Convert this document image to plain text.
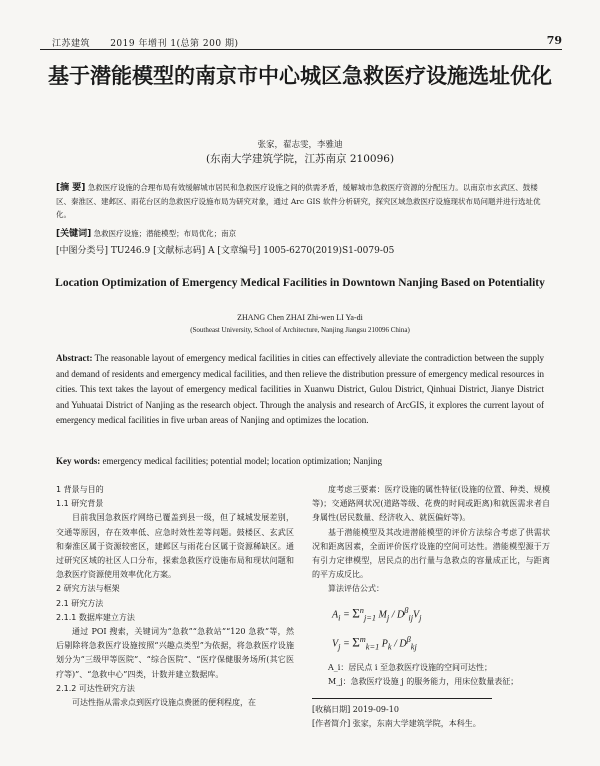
江苏建筑 2019 年增刊 1(总第 200 期)	79
基于潜能模型的南京市中心城区急救医疗设施选址优化
张家，翟志雯，李雅迪
(东南大学建筑学院，江苏南京 210096)
[摘 要] 急救医疗设施的合理布局有效缓解城市居民和急救医疗设施之间的供需矛盾，缓解城市急救医疗资源的分配压力。以南京市玄武区、鼓楼区、秦淮区、建邺区、雨花台区的急救医疗设施布局为研究对象，通过 Arc GIS 软件分析研究，探究区域急救医疗设施现状布局问题并进行选址优化。
[关键词] 急救医疗设施；潜能模型；布局优化；南京
[中图分类号] TU246.9 [文献标志码] A [文章编号] 1005-6270(2019)S1-0079-05
Location Optimization of Emergency Medical Facilities in Downtown Nanjing Based on Potentiality
ZHANG Chen ZHAI Zhi-wen LI Ya-di
(Southeast University, School of Architecture, Nanjing Jiangsu 210096 China)
Abstract: The reasonable layout of emergency medical facilities in cities can effectively alleviate the contradiction between the supply and demand of residents and emergency medical facilities, and then relieve the distribution pressure of emergency medical resources in cities. This text takes the layout of emergency medical facilities in Xuanwu District, Gulou District, Qinhuai District, Jianye District and Yuhuatai District of Nanjing as the research object. Through the analysis and research of ArcGIS, it explores the current layout of emergency medical facilities in five urban areas of Nanjing and optimizes the location.
Key words: emergency medical facilities; potential model; location optimization; Nanjing
1 背景与目的
1.1 研究背景
目前我国急救医疗网络已覆盖到县一级，但了城城发展差别，交通等原因，存在效率低、应急时效性差等问题。鼓楼区、玄武区和秦淮区属于资源较密区，建邺区与雨花台区属于资源稀缺区。通过研究区域的社区人口分布，探索急救医疗设施布局和现状问题和急救医疗资源使用效率优化方案。
2 研究方法与框架
2.1 研究方法
2.1.1 数据库建立方法
通过 POI 搜索，关键词为“急救”“急救站”“120 急救”等，然后剔除将急救医疗设施按照“兴趣点类型”为依据，将急救医疗设施划分为“三级甲等医院”、“综合医院”、“医疗保健服务场所(其它医疗等)”、“急救中心”四类，计数并建立数据库。
2.1.2 可达性研究方法
可达性指从需求点到医疗设施点费匿的便利程度，在
度考虑三要素：医疗设施的属性特征(设施的位置、种类、规模等)；交通路网状况(道路等级、花费的时间或距离)和就医需求者自身属性(居民数量、经济收入、就医偏好等)。
基于潜能模型及其改进潜能模型的评价方法综合考虑了供需状况和距离因素，全面评价医疗设施的空间可达性。潜能模型源于万有引力定律模型，居民点的出行量与急救点的容量成正比，与距离的平方成反比。
算法评估公式：
$A_i = \Sigma^n_{j=1}$ $M_j / D^\beta_{ij}V_j$
$V_j = \Sigma^m_{k=1}$ $P_k / D^\beta_{kj}$
A_i：居民点 i 至急救医疗设施的空间可达性；
M_j：急救医疗设施 j 的服务能力，用床位数量表征；
[收稿日期] 2019-09-10
[作者简介] 张家，东南大学建筑学院，本科生。
